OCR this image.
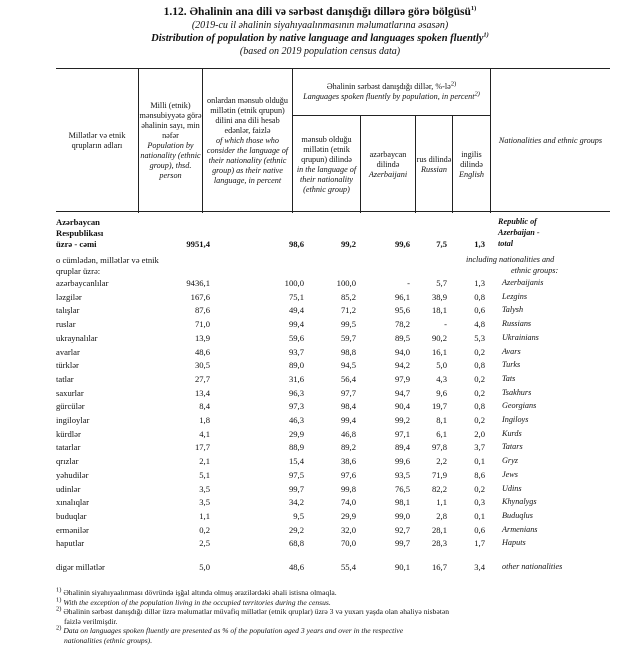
1.12. Əhalinin ana dili və sərbəst danışdığı dillərə görə bölgüsü$^{1)}$
(2019-cu il əhalinin siyahıyaalınmasının məlumatlarına əsasən)
Distribution of population by native language and languages spoken fluently$^{1)}$
(based on 2019 population census data)
Millətlər və etnik qrupların adları
Milli (etnik) mənsubiyyətə görə əhalinin sayı, min nəfər
Population by nationality (ethnic group), thsd. person
onlardan mənsub olduğu millətin (etnik qrupun) dilini ana dili hesab edənlər, faizlə
of which those who consider the language of their nationality (ethnic group) as their native language, in percent
Əhalinin sərbəst danışdığı dillər, %-lə$^{2)}$
Languages spoken fluently by population, in percent$^{2)}$
mənsub olduğu millətin (etnik qrupun) dilində
in the language of their nationality (ethnic group)
azərbaycan dilində
Azerbaijani
rus dilində
Russian
ingilis dilində
English
Nationalities and ethnic groups
Azərbaycan	Republic of
Respublikası	Azerbaijan -
üzrə - cəmi	9951,4	98,6	99,2	99,6	7,5	1,3 total
o cümlədən, millətlər və etnik	including nationalities and
qruplar üzrə:	ethnic groups:
azərbaycanlılar	9436,1	100,0	100,0	-	5,7	1,3 Azerbaijanis
ləzgilər	167,6	75,1	85,2	96,1	38,9	0,8 Lezgins
talışlar	87,6	49,4	71,2	95,6	18,1	0,6 Talysh
ruslar	71,0	99,4	99,5	78,2	-	4,8 Russians
ukraynalılar	13,9	59,6	59,7	89,5	90,2	5,3 Ukrainians
avarlar	48,6	93,7	98,8	94,0	16,1	0,2 Avars
türklər	30,5	89,0	94,5	94,2	5,0	0,8 Turks
tatlar	27,7	31,6	56,4	97,9	4,3	0,2 Tats
saxurlar	13,4	96,3	97,7	94,7	9,6	0,2 Tsakhurs
gürcülər	8,4	97,3	98,4	90,4	19,7	0,8 Georgians
ingiloylar	1,8	46,3	99,4	99,2	8,1	0,2 Ingiloys
kürdlər	4,1	29,9	46,8	97,1	6,1	2,0 Kurds
tatarlar	17,7	88,9	89,2	89,4	97,8	3,7 Tatars
qrızlar	2,1	15,4	38,6	99,6	2,2	0,1 Gryz
yəhudilər	5,1	97,5	97,6	93,5	71,9	8,6 Jews
udinlər	3,5	99,7	99,8	76,5	82,2	0,2 Udins
xınalıqlar	3,5	34,2	74,0	98,1	1,1	0,3 Khynalygs
buduqlar	1,1	9,5	29,9	99,0	2,8	0,1 Buduqlus
ermənilər	0,2	29,2	32,0	92,7	28,1	0,6 Armenians
haputlar	2,5	68,8	70,0	99,7	28,3	1,7 Haputs
digər millətlər	5,0	48,6	55,4	90,1	16,7	3,4 other nationalities
$^{1)}$ Əhalinin siyahıyaalınması dövründə işğal altında olmuş ərazilərdəki əhali istisna olmaqla.
$^{1)}$ With the exception of the population living in the occupied territories during the census.
$^{2)}$ Əhalinin sərbəst danışdığı dillər üzrə məlumatlar müvafiq millətlər (etnik qruplar) üzrə 3 və yuxarı yaşda olan əhaliyə nisbətən
faizlə verilmişdir.
$^{2)}$ Data on languages spoken fluently are presented as % of the population aged 3 years and over in the respective
nationalities (ethnic groups).
